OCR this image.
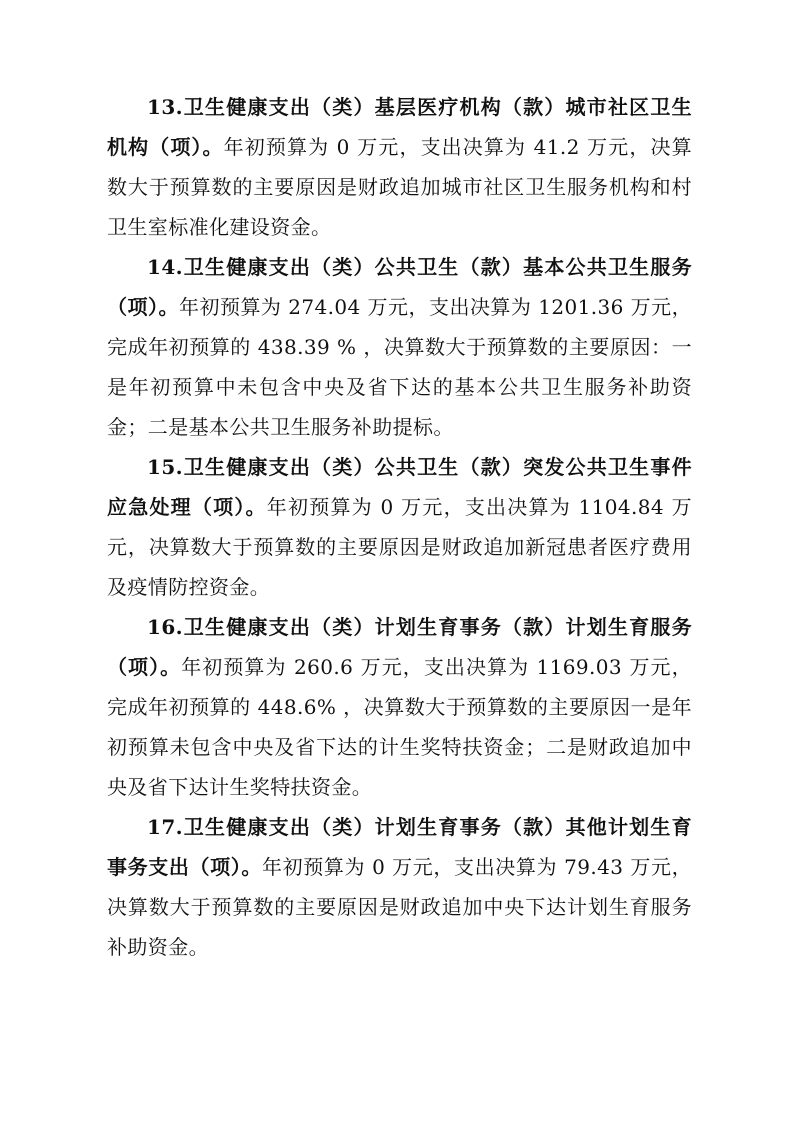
13.卫生健康支出（类）基层医疗机构（款）城市社区卫生机构（项）。年初预算为 0 万元，支出决算为 41.2 万元，决算数大于预算数的主要原因是财政追加城市社区卫生服务机构和村卫生室标准化建设资金。

14.卫生健康支出（类）公共卫生（款）基本公共卫生服务（项）。年初预算为 274.04 万元，支出决算为 1201.36 万元，完成年初预算的 438.39 % ，决算数大于预算数的主要原因：一是年初预算中未包含中央及省下达的基本公共卫生服务补助资金；二是基本公共卫生服务补助提标。

15.卫生健康支出（类）公共卫生（款）突发公共卫生事件应急处理（项）。年初预算为 0 万元，支出决算为 1104.84 万元，决算数大于预算数的主要原因是财政追加新冠患者医疗费用及疫情防控资金。

16.卫生健康支出（类）计划生育事务（款）计划生育服务（项）。年初预算为 260.6 万元，支出决算为 1169.03 万元，完成年初预算的 448.6% ，决算数大于预算数的主要原因一是年初预算未包含中央及省下达的计生奖特扶资金；二是财政追加中央及省下达计生奖特扶资金。

17.卫生健康支出（类）计划生育事务（款）其他计划生育事务支出（项）。年初预算为 0 万元，支出决算为 79.43 万元，决算数大于预算数的主要原因是财政追加中央下达计划生育服务补助资金。
